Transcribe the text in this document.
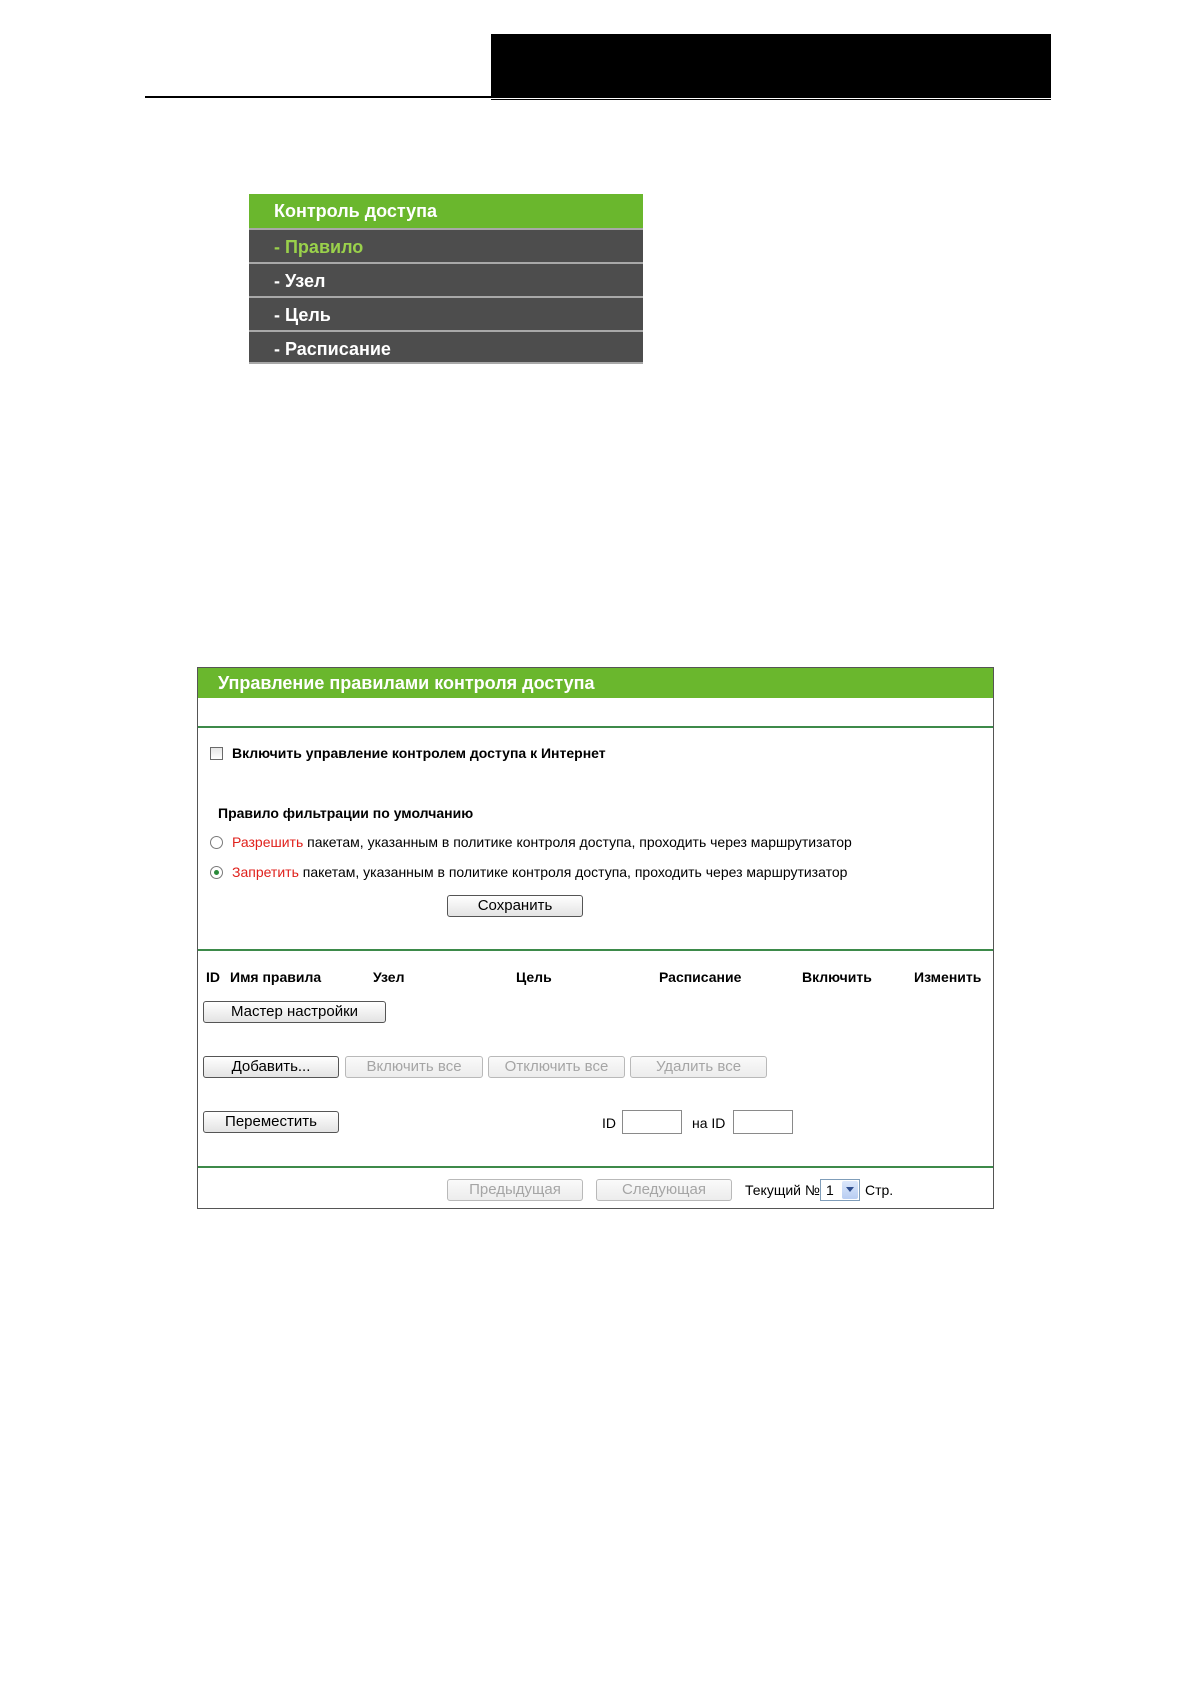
Контроль доступа
- Правило
- Узел
- Цель
- Расписание
Управление правилами контроля доступа
Включить управление контролем доступа к Интернет
Правило фильтрации по умолчанию
Разрешить пакетам, указанным в политике контроля доступа, проходить через маршрутизатор
Запретить пакетам, указанным в политике контроля доступа, проходить через маршрутизатор
Сохранить
ID Имя правила	Узел	Цель	Расписание	Включить	Изменить
Мастер настройки
Добавить...	Включить все	Отключить все	Удалить все
Переместить	ID	на ID
Предыдущая	Следующая	Текущий № 1 Стр.
